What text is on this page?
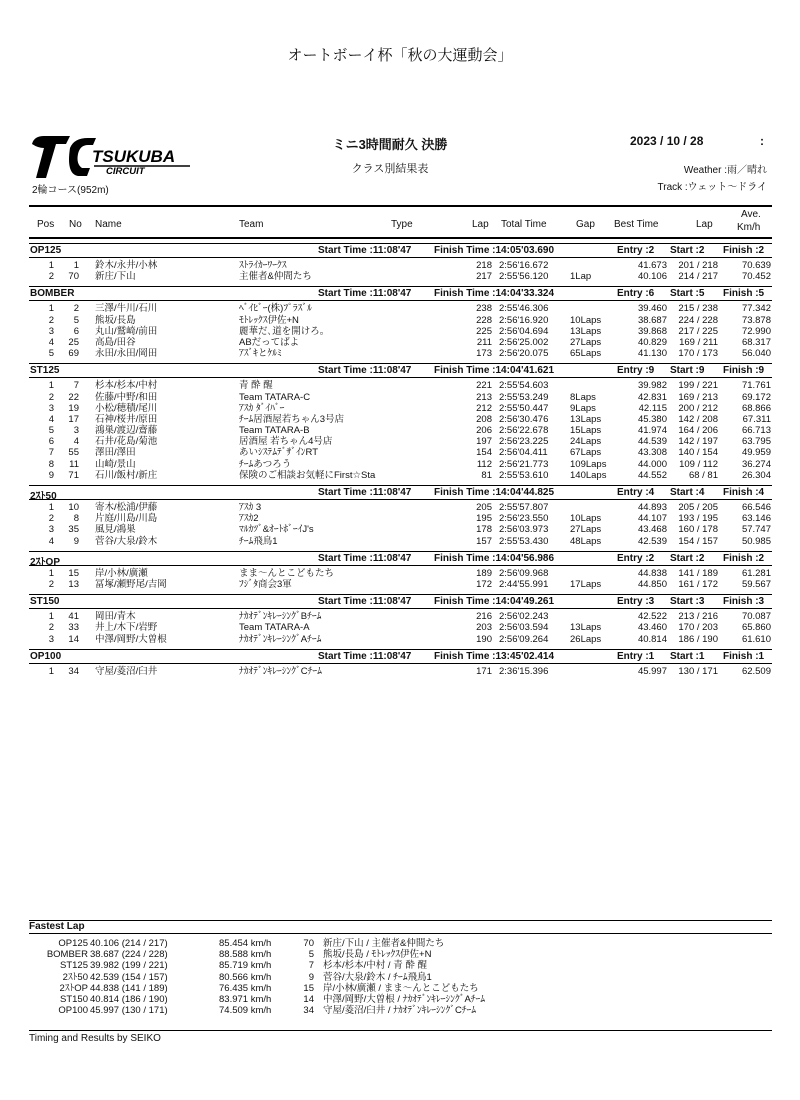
オートボーイ杯「秋の大運動会」
TSUKUBA
CIRCUIT
2輪コース(952m)
ミニ3時間耐久 決勝
クラス別結果表
2023 / 10 / 28	:
Weather :雨／晴れ
Track :ウェット～ドライ
Pos No Name	Team	Type	Lap Total Time	Gap Best Time	Lap
Ave.
Km/h
OP125	Start Time :11:08'47 Finish Time :14:05'03.690	Entry :2 Start :2 Finish :2
1 1 鈴木/永井/小林	ｽﾄﾗｲｶｰﾜｰｸｽ	218 2:56'16.672	41.673 201 / 218	70.639
2 70 新庄/下山	主催者&仲間たち	217 2:55'56.120 1Lap	40.106 214 / 217	70.452
BOMBER	Start Time :11:08'47 Finish Time :14:04'33.324	Entry :6 Start :5 Finish :5
1 2 三澤/牛川/石川	ﾍﾞｲﾋﾞｰ(株)ﾌﾟﾗｽﾞﾙ	238 2:55'46.306	39.460 215 / 238	77.342
2 5 熊坂/長島	ﾓﾄﾚｯｸｽ伊佐+N	228 2:56'16.920 10Laps	38.687 224 / 228	73.878
3 6 丸山/鷲崎/前田	麗華だ､道を開けろ｡	225 2:56'04.694 13Laps	39.868 217 / 225	72.990
4 25 高島/田谷	ABだってばよ	211 2:56'25.002 27Laps	40.829 169 / 211	68.317
5 69 永田/永田/岡田	ｱｽﾞｷとｹﾙﾐ	173 2:56'20.075 65Laps	41.130 170 / 173	56.040
ST125	Start Time :11:08'47 Finish Time :14:04'41.621	Entry :9 Start :9 Finish :9
1 7 杉本/杉本/中村	青 酔 醒	221 2:55'54.603	39.982 199 / 221	71.761
2 22 佐藤/中野/和田	Team TATARA-C	213 2:55'53.249 8Laps	42.831 169 / 213	69.172
3 19 小松/穂積/尾川	ｱｽｶ ﾀﾞｲﾊﾞｰ	212 2:55'50.447 9Laps	42.115 200 / 212	68.866
4 17 石神/桜井/原田	ﾁｰﾑ居酒屋若ちゃん3号店	208 2:56'30.476 13Laps	45.380 142 / 208	67.311
5 3 鴻巣/渡辺/齋藤	Team TATARA-B	206 2:56'22.678 15Laps	41.974 164 / 206	66.713
6 4 石井/花島/菊池	居酒屋 若ちゃん4号店	197 2:56'23.225 24Laps	44.539 142 / 197	63.795
7 55 澤田/澤田	あいｼｽﾃﾑﾃﾞｻﾞｲﾝRT	154 2:56'04.411 67Laps	43.308 140 / 154	49.959
8 11 山崎/景山	ﾁｰﾑあつろう	112 2:56'21.773 109Laps	44.000 109 / 112	36.274
9 71 石川/飯村/新庄	保険のご相談お気軽にFirst☆Sta	81 2:55'53.610 140Laps	44.552 68 / 81	26.304
2ｽﾄ50	Start Time :11:08'47 Finish Time :14:04'44.825	Entry :4 Start :4 Finish :4
1 10 寄木/松浦/伊藤	ｱｽｶ 3	205 2:55'57.807	44.893 205 / 205	66.546
2 8 片庭/川島/川島	ｱｽｶ2	195 2:56'23.550 10Laps	44.107 193 / 195	63.146
3 35 風見/鴻巣	ﾏﾙｶﾂﾞ&ｵｰﾄﾎﾞｰｲJ's	178 2:56'03.973 27Laps	43.468 160 / 178	57.747
4 9 菅谷/大泉/鈴木	ﾁｰﾑ飛鳥1	157 2:55'53.430 48Laps	42.539 154 / 157	50.985
2ｽﾄOP	Start Time :11:08'47 Finish Time :14:04'56.986	Entry :2 Start :2 Finish :2
1 15 岸/小林/廣瀬	まま～んとこどもたち	189 2:56'09.968	44.838 141 / 189	61.281
2 13 冨塚/瀬野尾/吉岡	ﾌｼﾞﾀ商会3軍	172 2:44'55.991 17Laps	44.850 161 / 172	59.567
ST150	Start Time :11:08'47 Finish Time :14:04'49.261	Entry :3 Start :3 Finish :3
1 41 岡田/青木	ﾅｶｵﾃﾞﾝｷﾚｰｼﾝｸﾞBﾁｰﾑ	216 2:56'02.243	42.522 213 / 216	70.087
2 33 井上/木下/岩野	Team TATARA-A	203 2:56'03.594 13Laps	43.460 170 / 203	65.860
3 14 中澤/岡野/大曽根	ﾅｶｵﾃﾞﾝｷﾚｰｼﾝｸﾞAﾁｰﾑ	190 2:56'09.264 26Laps	40.814 186 / 190	61.610
OP100	Start Time :11:08'47 Finish Time :13:45'02.414	Entry :1 Start :1 Finish :1
1 34 守屋/菱沼/臼井	ﾅｶｵﾃﾞﾝｷﾚｰｼﾝｸﾞCﾁｰﾑ	171 2:36'15.396	45.997 130 / 171	62.509
Fastest Lap
OP125 40.106 (214 / 217)	85.454 km/h	70 新庄/下山 / 主催者&仲間たち
BOMBER 38.687 (224 / 228)	88.588 km/h	5 熊坂/長島 / ﾓﾄﾚｯｸｽ伊佐+N
ST125 39.982 (199 / 221)	85.719 km/h	7 杉本/杉本/中村 / 青 酔 醒
2ｽﾄ50 42.539 (154 / 157)	80.566 km/h	9 菅谷/大泉/鈴木 / ﾁｰﾑ飛鳥1
2ｽﾄOP 44.838 (141 / 189)	76.435 km/h	15 岸/小林/廣瀬 / まま～んとこどもたち
ST150 40.814 (186 / 190)	83.971 km/h	14 中澤/岡野/大曽根 / ﾅｶｵﾃﾞﾝｷﾚｰｼﾝｸﾞAﾁｰﾑ
OP100 45.997 (130 / 171)	74.509 km/h	34 守屋/菱沼/臼井 / ﾅｶｵﾃﾞﾝｷﾚｰｼﾝｸﾞCﾁｰﾑ
Timing and Results by SEIKO
